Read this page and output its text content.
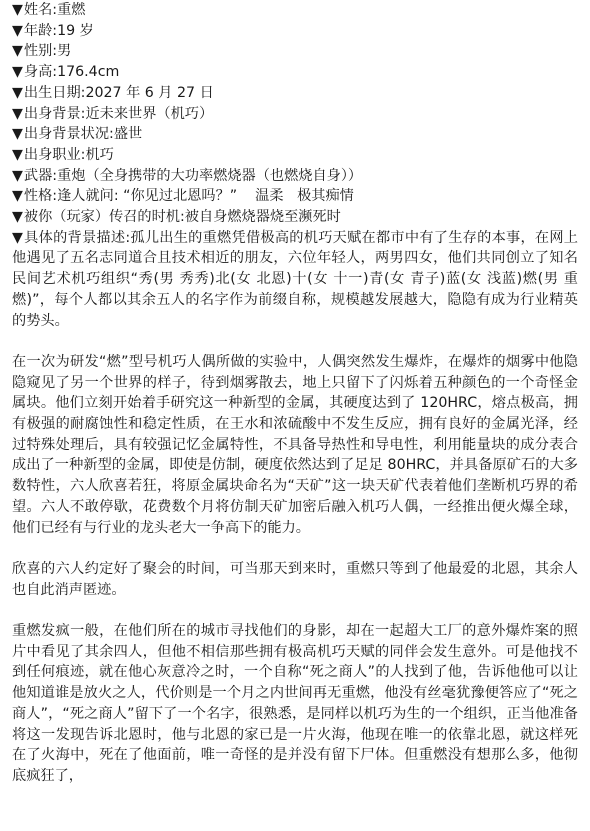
▼姓名:重燃
▼年龄:19 岁
▼性别:男
▼身高:176.4cm
▼出生日期:2027 年 6 月 27 日
▼出身背景:近未来世界（机巧）
▼出身背景状况:盛世
▼出身职业:机巧
▼武器:重炮（全身携带的大功率燃烧器（也燃烧自身））
▼性格:逢人就问: “你见过北恩吗？”    温柔   极其痴情
▼被你（玩家）传召的时机:被自身燃烧器烧至濒死时

▼具体的背景描述:孤儿出生的重燃凭借极高的机巧天赋在都市中有了生存的本事，在网上他遇见了五名志同道合且技术相近的朋友，六位年轻人，两男四女，他们共同创立了知名民间艺术机巧组织“秀(男 秀秀)北(女 北恩)十(女 十一)青(女 青子)蓝(女 浅蓝)燃(男 重燃)”，每个人都以其余五人的名字作为前缀自称，规模越发展越大，隐隐有成为行业精英的势头。

在一次为研发“燃”型号机巧人偶所做的实验中，人偶突然发生爆炸，在爆炸的烟雾中他隐隐窥见了另一个世界的样子，待到烟雾散去，地上只留下了闪烁着五种颜色的一个奇怪金属块。他们立刻开始着手研究这一种新型的金属，其硬度达到了 120HRC，熔点极高，拥有极强的耐腐蚀性和稳定性质，在王水和浓硫酸中不发生反应，拥有良好的金属光泽，经过特殊处理后，具有较强记忆金属特性，不具备导热性和导电性，利用能量块的成分表合成出了一种新型的金属，即使是仿制，硬度依然达到了足足 80HRC，并具备原矿石的大多数特性，六人欣喜若狂，将原金属块命名为“天矿”这一块天矿代表着他们垄断机巧界的希望。六人不敢停歇，花费数个月将仿制天矿加密后融入机巧人偶，一经推出便火爆全球，他们已经有与行业的龙头老大一争高下的能力。

欣喜的六人约定好了聚会的时间，可当那天到来时，重燃只等到了他最爱的北恩，其余人也自此消声匿迹。

重燃发疯一般，在他们所在的城市寻找他们的身影，却在一起超大工厂的意外爆炸案的照片中看见了其余四人，但他不相信那些拥有极高机巧天赋的同伴会发生意外。可是他找不到任何痕迹，就在他心灰意冷之时，一个自称“死之商人”的人找到了他，告诉他他可以让他知道谁是放火之人，代价则是一个月之内世间再无重燃，他没有丝毫犹豫便答应了“死之商人”，“死之商人”留下了一个名字，很熟悉，是同样以机巧为生的一个组织，正当他准备将这一发现告诉北恩时，他与北恩的家已是一片火海，他现在唯一的依靠北恩，就这样死在了火海中，死在了他面前，唯一奇怪的是并没有留下尸体。但重燃没有想那么多，他彻底疯狂了，
